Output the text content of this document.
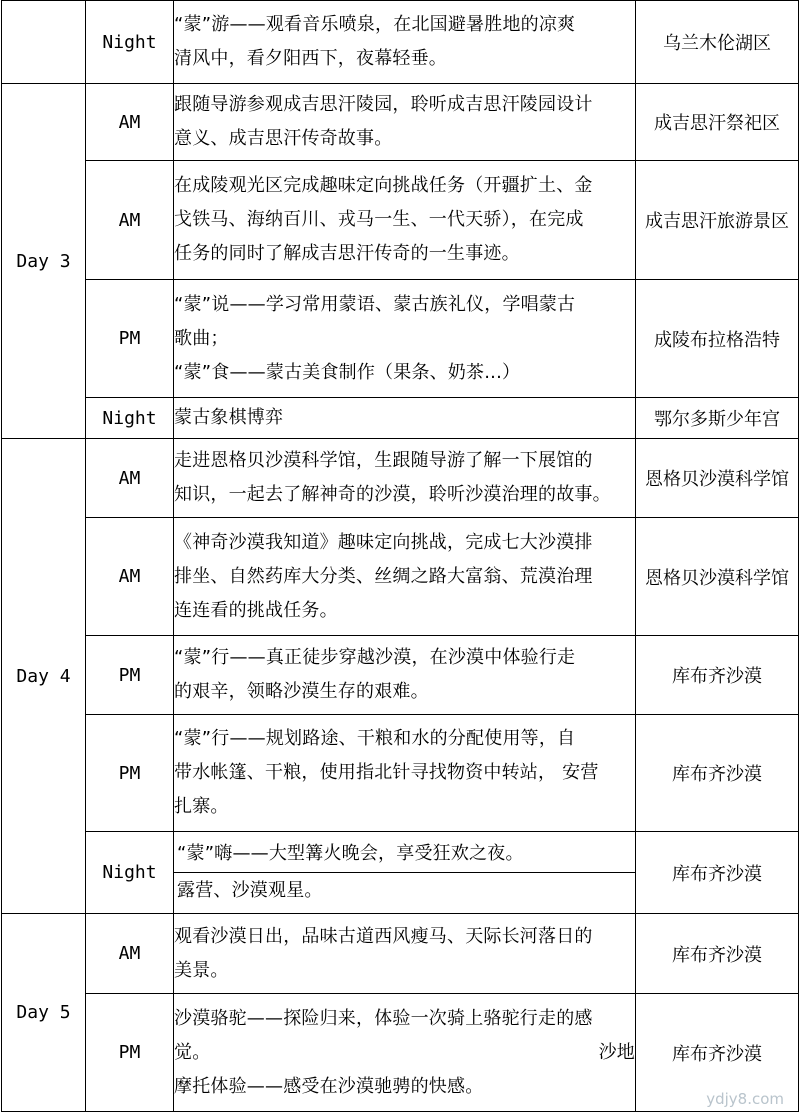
	Night	“蒙”游——观看音乐喷泉，在北国避暑胜地的凉爽
清风中，看夕阳西下，夜幕轻垂。	乌兰木伦湖区
Day 3	AM	跟随导游参观成吉思汗陵园，聆听成吉思汗陵园设计
意义、成吉思汗传奇故事。	成吉思汗祭祀区
	AM	在成陵观光区完成趣味定向挑战任务（开疆扩土、金
戈铁马、海纳百川、戎马一生、一代天骄），在完成
任务的同时了解成吉思汗传奇的一生事迹。	成吉思汗旅游景区
	PM	“蒙”说——学习常用蒙语、蒙古族礼仪，学唱蒙古
歌曲；
“蒙”食——蒙古美食制作（果条、奶茶...）	成陵布拉格浩特
	Night	蒙古象棋博弈	鄂尔多斯少年宫
Day 4	AM	走进恩格贝沙漠科学馆，生跟随导游了解一下展馆的
知识，一起去了解神奇的沙漠，聆听沙漠治理的故事。	恩格贝沙漠科学馆
	AM	《神奇沙漠我知道》趣味定向挑战，完成七大沙漠排
排坐、自然药库大分类、丝绸之路大富翁、荒漠治理
连连看的挑战任务。	恩格贝沙漠科学馆
	PM	“蒙”行——真正徒步穿越沙漠，在沙漠中体验行走
的艰辛，领略沙漠生存的艰难。	库布齐沙漠
	PM	“蒙”行——规划路途、干粮和水的分配使用等，自
带水帐篷、干粮，使用指北针寻找物资中转站， 安营
扎寨。	库布齐沙漠
	Night	“蒙”嗨——大型篝火晚会，享受狂欢之夜。
露营、沙漠观星。	库布齐沙漠
Day 5	AM	观看沙漠日出，品味古道西风瘦马、天际长河落日的
美景。	库布齐沙漠
	PM	沙漠骆驼——探险归来，体验一次骑上骆驼行走的感
觉。 沙地
摩托体验——感受在沙漠驰骋的快感。	库布齐沙漠
ydjy8.com
